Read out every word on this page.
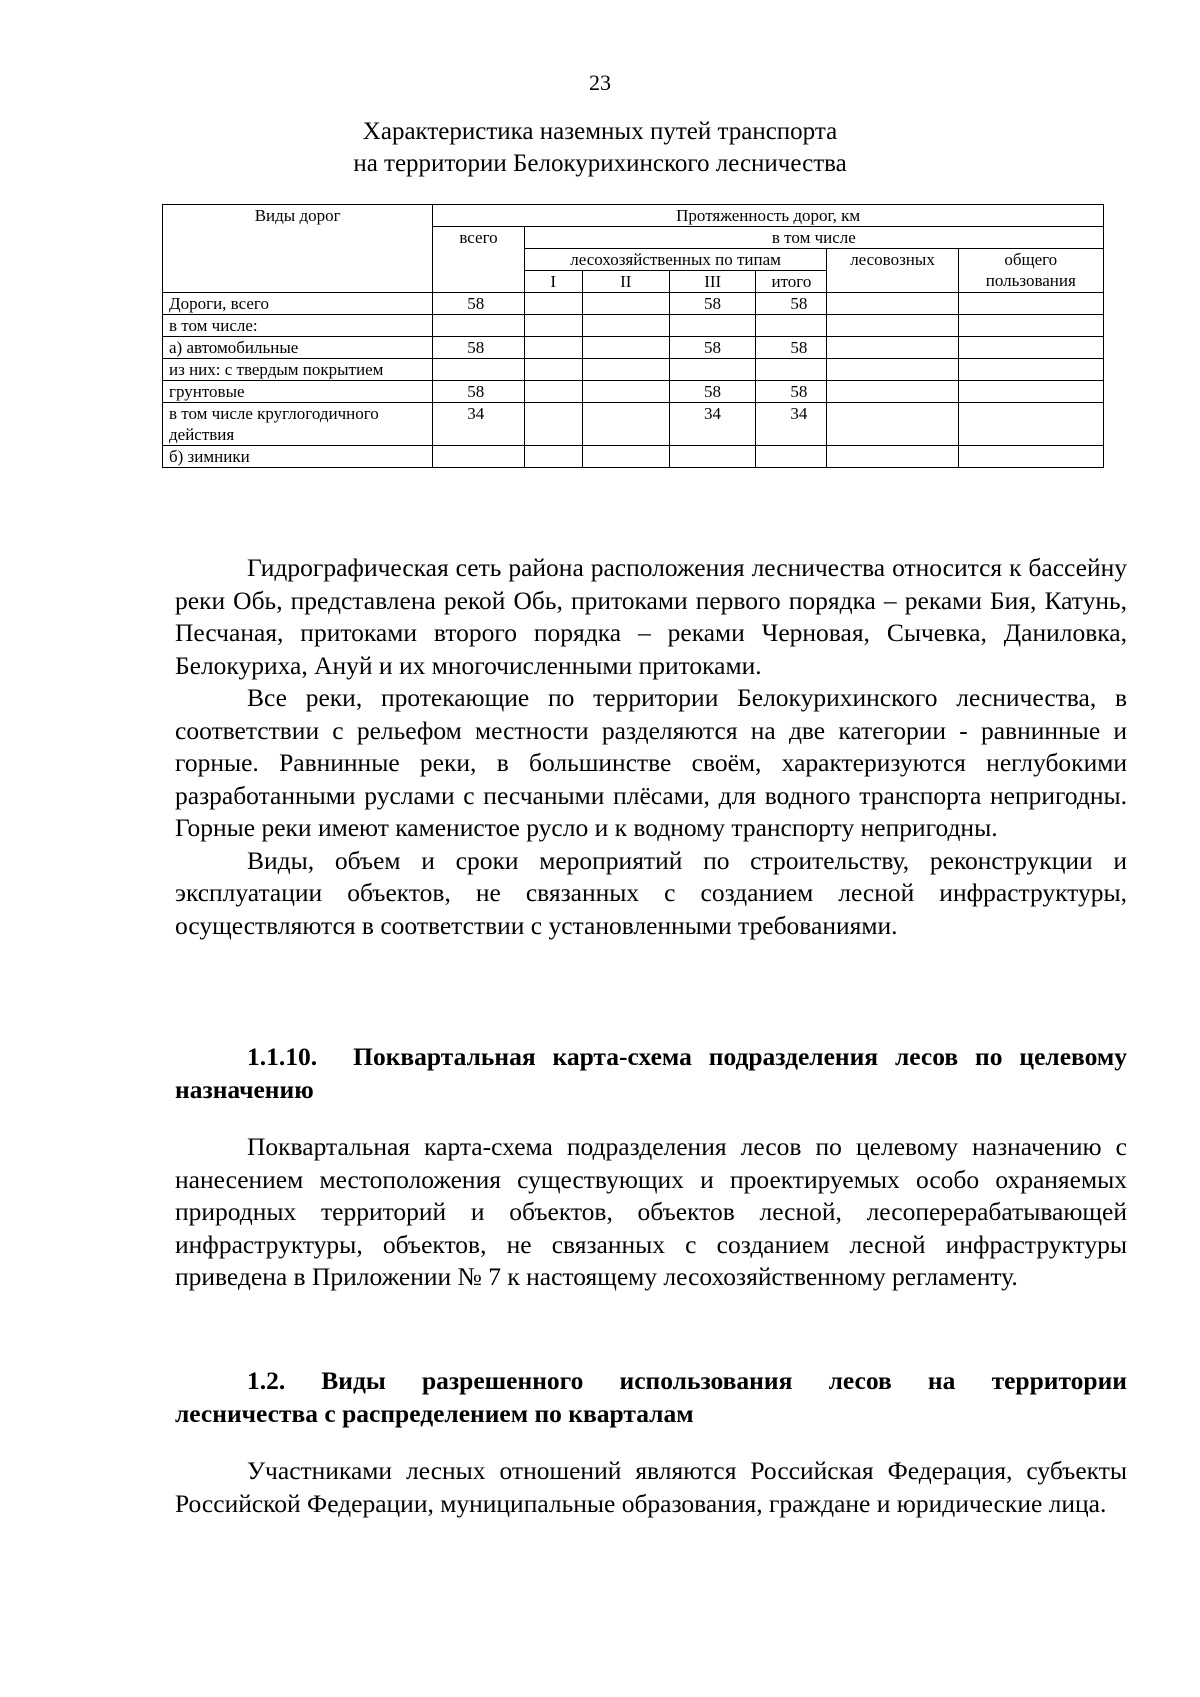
23
Характеристика наземных путей транспорта
на территории Белокурихинского лесничества
Виды дорог	Протяженность дорог, км						
	всего	в том числе					
		лесохозяйственных по типам				лесовозных	общего пользования
		I	II	III	итого		
Дороги, всего	58			58	58		
в том числе:							
а) автомобильные	58			58	58		
из них: с твердым покрытием							
грунтовые	58			58	58		
в том числе круглогодичного действия	34			34	34		
б) зимники							

Гидрографическая сеть района расположения лесничества относится к бассейну реки Обь, представлена рекой Обь, притоками первого порядка – реками Бия, Катунь, Песчаная, притоками второго порядка – реками Черновая, Сычевка, Даниловка, Белокуриха, Ануй и их многочисленными притоками.

Все реки, протекающие по территории Белокурихинского лесничества, в соответствии с рельефом местности разделяются на две категории - равнинные и горные. Равнинные реки, в большинстве своём, характеризуются неглубокими разработанными руслами с песчаными плёсами, для водного транспорта непригодны. Горные реки имеют каменистое русло и к водному транспорту непригодны.

Виды, объем и сроки мероприятий по строительству, реконструкции и эксплуатации объектов, не связанных с созданием лесной инфраструктуры, осуществляются в соответствии с установленными требованиями.

1.1.10. Поквартальная карта-схема подразделения лесов по целевому назначению

Поквартальная карта-схема подразделения лесов по целевому назначению с нанесением местоположения существующих и проектируемых особо охраняемых природных территорий и объектов, объектов лесной, лесоперерабатывающей инфраструктуры, объектов, не связанных с созданием лесной инфраструктуры приведена в Приложении № 7 к настоящему лесохозяйственному регламенту.

1.2. Виды разрешенного использования лесов на территории лесничества с распределением по кварталам

Участниками лесных отношений являются Российская Федерация, субъекты Российской Федерации, муниципальные образования, граждане и юридические лица.
